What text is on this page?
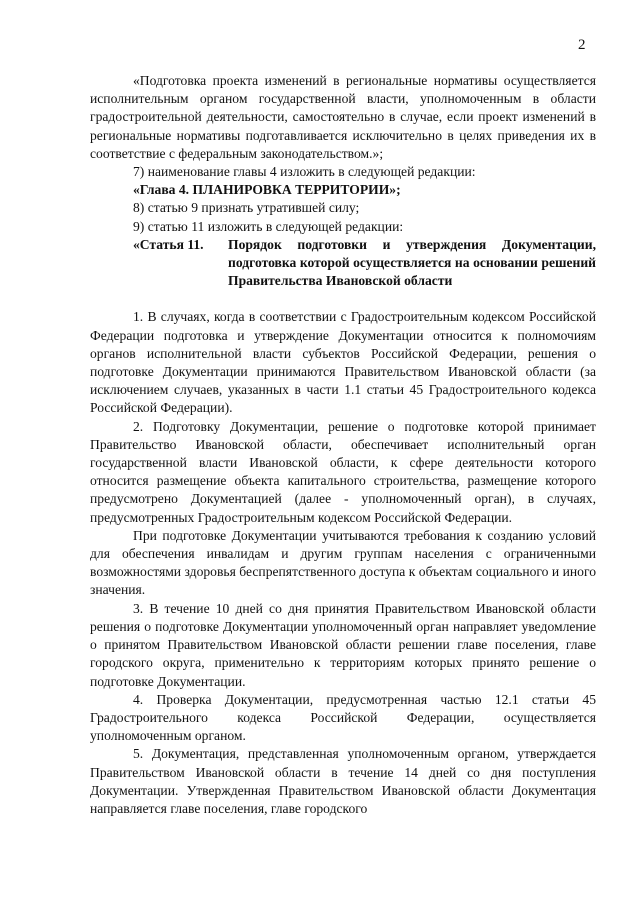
2

«Подготовка проекта изменений в региональные нормативы осуществляется исполнительным органом государственной власти, уполномоченным в области градостроительной деятельности, самостоятельно в случае, если проект изменений в региональные нормативы подготавливается исключительно в целях приведения их в соответствие с федеральным законодательством.»;

7) наименование главы 4 изложить в следующей редакции:

«Глава 4. ПЛАНИРОВКА ТЕРРИТОРИИ»;

8) статью 9 признать утратившей силу;

9) статью 11 изложить в следующей редакции:

«Статья 11.	Порядок подготовки и утверждения Документации, подготовка которой осуществляется на основании решений Правительства Ивановской области

1. В случаях, когда в соответствии с Градостроительным кодексом Российской Федерации подготовка и утверждение Документации относится к полномочиям органов исполнительной власти субъектов Российской Федерации, решения о подготовке Документации принимаются Правительством Ивановской области (за исключением случаев, указанных в части 1.1 статьи 45 Градостроительного кодекса Российской Федерации).

2. Подготовку Документации, решение о подготовке которой принимает Правительство Ивановской области, обеспечивает исполнительный орган государственной власти Ивановской области, к сфере деятельности которого относится размещение объекта капитального строительства, размещение которого предусмотрено Документацией (далее - уполномоченный орган), в случаях, предусмотренных Градостроительным кодексом Российской Федерации.

При подготовке Документации учитываются требования к созданию условий для обеспечения инвалидам и другим группам населения с ограниченными возможностями здоровья беспрепятственного доступа к объектам социального и иного значения.

3. В течение 10 дней со дня принятия Правительством Ивановской области решения о подготовке Документации уполномоченный орган направляет уведомление о принятом Правительством Ивановской области решении главе поселения, главе городского округа, применительно к территориям которых принято решение о подготовке Документации.

4. Проверка Документации, предусмотренная частью 12.1 статьи 45 Градостроительного кодекса Российской Федерации, осуществляется уполномоченным органом.

5. Документация, представленная уполномоченным органом, утверждается Правительством Ивановской области в течение 14 дней со дня поступления Документации. Утвержденная Правительством Ивановской области Документация направляется главе поселения, главе городского
